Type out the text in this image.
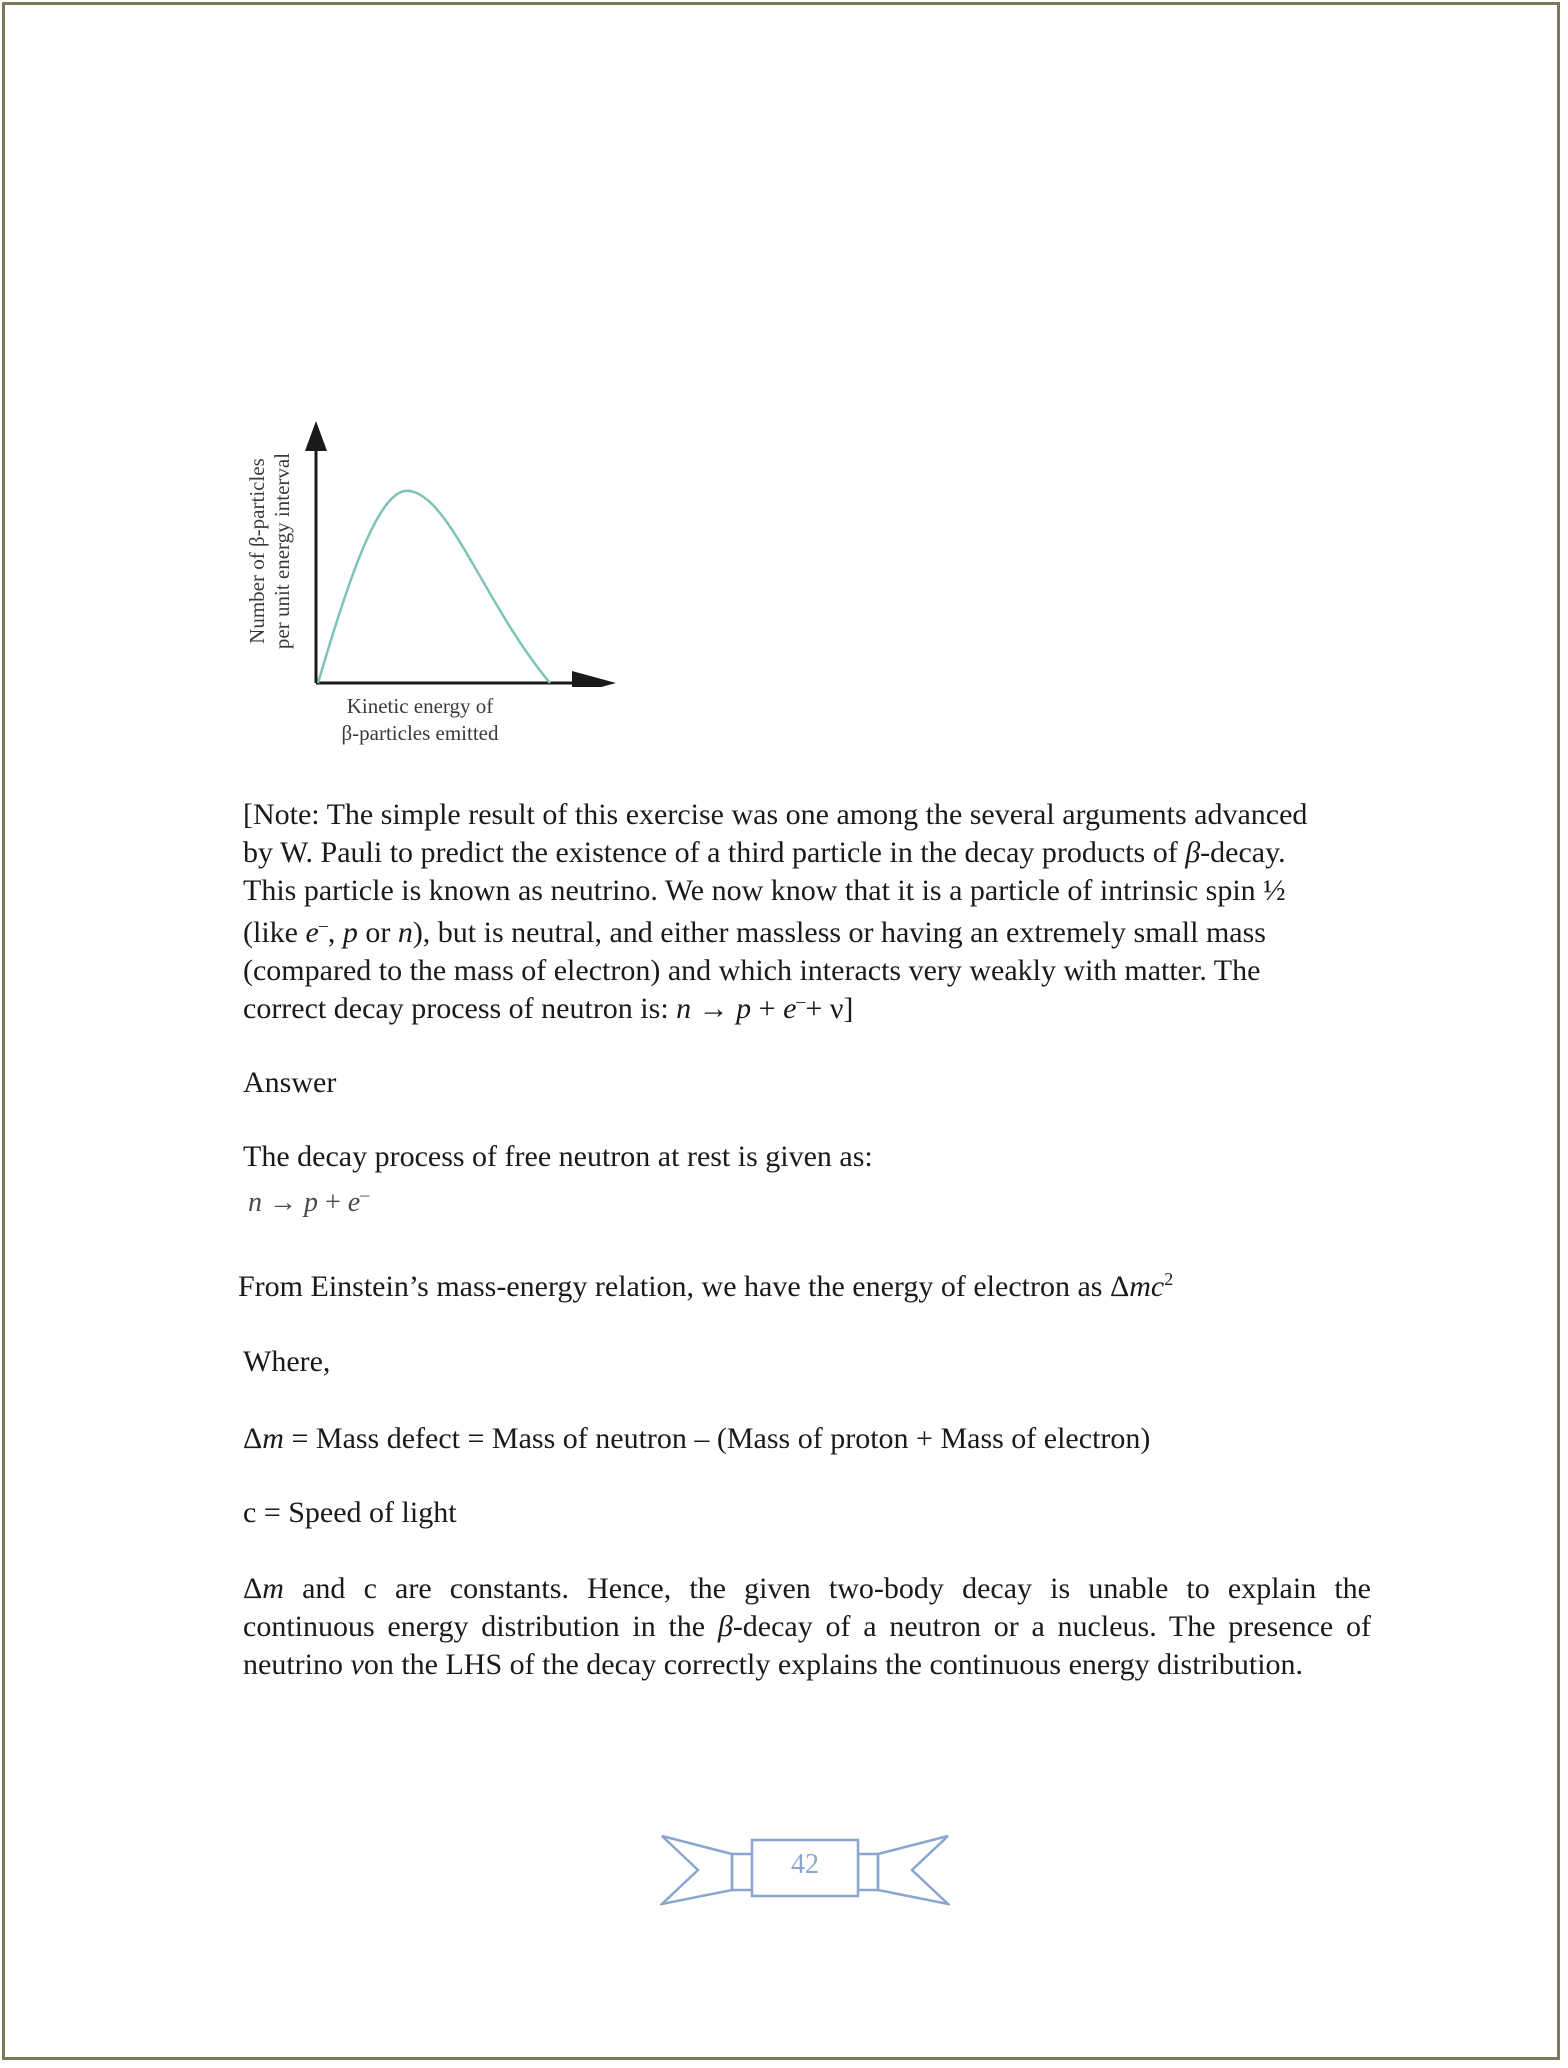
Number of β-particles per unit energy interval
Kinetic energy of
β-particles emitted

[Note: The simple result of this exercise was one among the several arguments advanced

by W. Pauli to predict the existence of a third particle in the decay products of β-decay.

This particle is known as neutrino. We now know that it is a particle of intrinsic spin ½

(like e–, p or n), but is neutral, and either massless or having an extremely small mass

(compared to the mass of electron) and which interacts very weakly with matter. The

correct decay process of neutron is: n → p + e–+ ν]

Answer

The decay process of free neutron at rest is given as:

n → p + e–

From Einstein’s mass-energy relation, we have the energy of electron as Δmc$^2$

Where,

Δm = Mass defect = Mass of neutron – (Mass of proton + Mass of electron)

c = Speed of light

Δm and c are constants. Hence, the given two-body decay is unable to explain the

continuous energy distribution in the β-decay of a neutron or a nucleus. The presence of

neutrino von the LHS of the decay correctly explains the continuous energy distribution.

42
